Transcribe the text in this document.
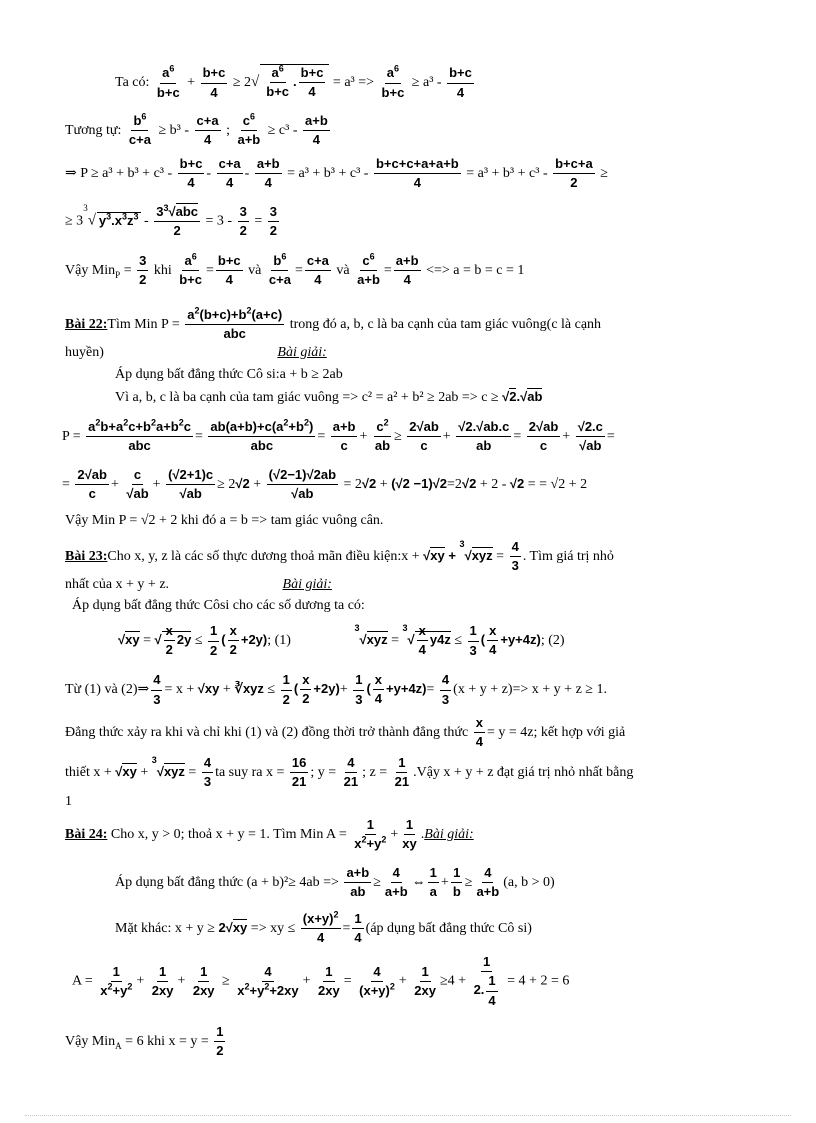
Ta có: $\frac{a^6}{b+c} + \frac{b+c}{4} \ge 2√ \frac{a^6}{b+c}$ . $\frac{b+c}{4} = a^3 => \frac{a^6}{b+c} \ge a^3 - \frac{b+c}{4}$
Tương tự: $\frac{b^6}{c+a} \ge b^3 - \frac{c+a}{4}$ ; $\frac{c^6}{a+b} \ge c^3 - \frac{a+b}{4}$
⇒ $P \ge a^3 + b^3 + c^3 - \frac{b+c}{4} - \frac{c+a}{4} - \frac{a+b}{4} = a^3 + b^3 + c^3 - \frac{b+c+c+a+a+b}{4} = a^3 + b^3 + c^3 - \frac{b+c+a}{2}$ ≥
≥ $3^3√$ $y^3.x^3z^3$ -
$3^3√abc$
2
= $3 - \frac{3}{2} = \frac{3}{2}$
Vậy $Min_P = \frac{3}{2}$ khi $\frac{a^6}{b+c} = \frac{b+c}{4}$ và $\frac{b^6}{c+a} = \frac{c+a}{4}$ và $\frac{c^6}{a+b} = \frac{a+b}{4}$ <=> a = b = c = 1
Bài 22:Tìm Min P =
$a^2(b+c)+b^2(a+c)$
abc
trong đó a, b, c là ba cạnh của tam giác vuông(c là cạnh
huyền)	Bài giải:
Áp dụng bất đẳng thức Cô si:a + b ≥ 2ab
Vì a, b, c là ba cạnh của tam giác vuông => c² = a² + b² ≥ 2ab => c ≥ √2.√ab
P =
$a^2b+a^2c+b^2a+b^2c$
abc
=
$ab(a+b)+c(a^2+b^2)$
abc
= $\frac{a+b}{c} + \frac{c^2}{ab} \ge \frac{2√ab}{c} + \frac{√2.√ab.c}{ab} = \frac{2√ab}{c} + \frac{√2.c}{√ab}$ =
= $\frac{2√ab}{c} + \frac{c}{√ab} + \frac{(√2+1)c}{√ab} \ge 2√2 + \frac{(√2-1)√2ab}{√ab} = 2√2 + (√2 -1)√2=2√2 + 2 - √2$ = = √2 + 2
Vậy Min P = √2 + 2 khi đó a = b => tam giác vuông cân.
Bài 23:Cho x, y, z là các số thực dương thoả mãn điều kiện:x + $√xy + ^3√xyz = \frac{4}{3}$ . Tìm giá trị nhỏ
nhất của x + y + z.	Bài giải:
Áp dụng bất đẳng thức Côsi cho các số dương ta có:
√xy = √ $\frac{x}{2} 2y \le \frac{1}{2}$ ( $\frac{x}{2} +2y$); (1) $^3√xyz = ^3√ \frac{x}{4} y4z \le \frac{1}{3}$ ( $\frac{x}{4} +y+4z$); (2)
Từ (1) và (2)⇒ $\frac{4}{3} = x + √xy$ + ∛xyz ≤ $\frac{1}{2}$ ( $\frac{x}{2} +2y)+ \frac{1}{3}$ ( $\frac{x}{4} +y+4z)= \frac{4}{3} (x + y + z)=> x + y + z \ge 1$.
Đẳng thức xảy ra khi và chỉ khi (1) và (2) đồng thời trở thành đẳng thức $\frac{x}{4} = y = 4z$; kết hợp với giả
thiết $x + √xy + ^3√xyz = \frac{4}{3}$ ta suy ra $x = \frac{16}{21}$ ; $y = \frac{4}{21}$ ; $z = \frac{1}{21}$ .Vậy x + y + z đạt giá trị nhỏ nhất bằng
1
Bài 24: Cho x, y > 0; thoả x + y = 1. Tìm Min $A = \frac{1}{x^2+y^2} + \frac{1}{xy}$ .Bài giải:
Áp dụng bất đẳng thức $(a + b)^2\ge 4ab => \frac{a+b}{ab} \ge \frac{4}{a+b}$ ⇔ $\frac{1}{a} + \frac{1}{b} \ge \frac{4}{a+b} (a$, b > 0)
Mặt khác: x + y ≥ 2√xy => xy ≤ $\frac{(x+y)^2}{4} = \frac{1}{4}$ (áp dụng bất đẳng thức Cô si)
$A = \frac{1}{x^2+y^2} + \frac{1}{2xy} + \frac{1}{2xy} \ge \frac{4}{x^2+y^2+2xy} + \frac{1}{2xy} = \frac{4}{(x+y)^2} + \frac{1}{2xy} \ge 4 + \frac{1}{2. \frac{1}{4}} = 4 + 2 = 6$
Vậy Min$_A$ = 6 khi $x = y = \frac{1}{2}$
